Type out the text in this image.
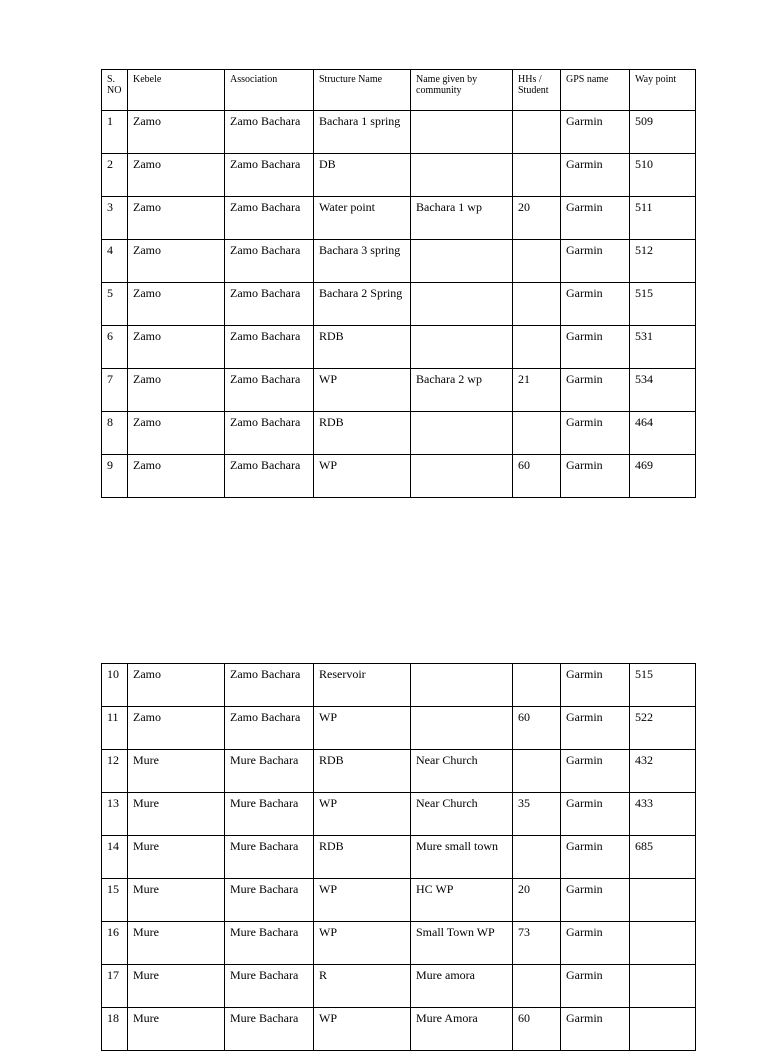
S. NO	Kebele	Association	Structure Name	Name given by community	HHs / Student	GPS name	Way point
1	Zamo	Zamo Bachara	Bachara 1 spring			Garmin	509
2	Zamo	Zamo Bachara	DB			Garmin	510
3	Zamo	Zamo Bachara	Water point	Bachara 1 wp	20	Garmin	511
4	Zamo	Zamo Bachara	Bachara 3 spring			Garmin	512
5	Zamo	Zamo Bachara	Bachara 2 Spring			Garmin	515
6	Zamo	Zamo Bachara	RDB			Garmin	531
7	Zamo	Zamo Bachara	WP	Bachara 2 wp	21	Garmin	534
8	Zamo	Zamo Bachara	RDB			Garmin	464
9	Zamo	Zamo Bachara	WP		60	Garmin	469
10	Zamo	Zamo Bachara	Reservoir			Garmin	515
11	Zamo	Zamo Bachara	WP		60	Garmin	522
12	Mure	Mure Bachara	RDB	Near Church		Garmin	432
13	Mure	Mure Bachara	WP	Near Church	35	Garmin	433
14	Mure	Mure Bachara	RDB	Mure small town		Garmin	685
15	Mure	Mure Bachara	WP	HC WP	20	Garmin	
16	Mure	Mure Bachara	WP	Small Town WP	73	Garmin	
17	Mure	Mure Bachara	R	Mure amora		Garmin	
18	Mure	Mure Bachara	WP	Mure Amora	60	Garmin	
